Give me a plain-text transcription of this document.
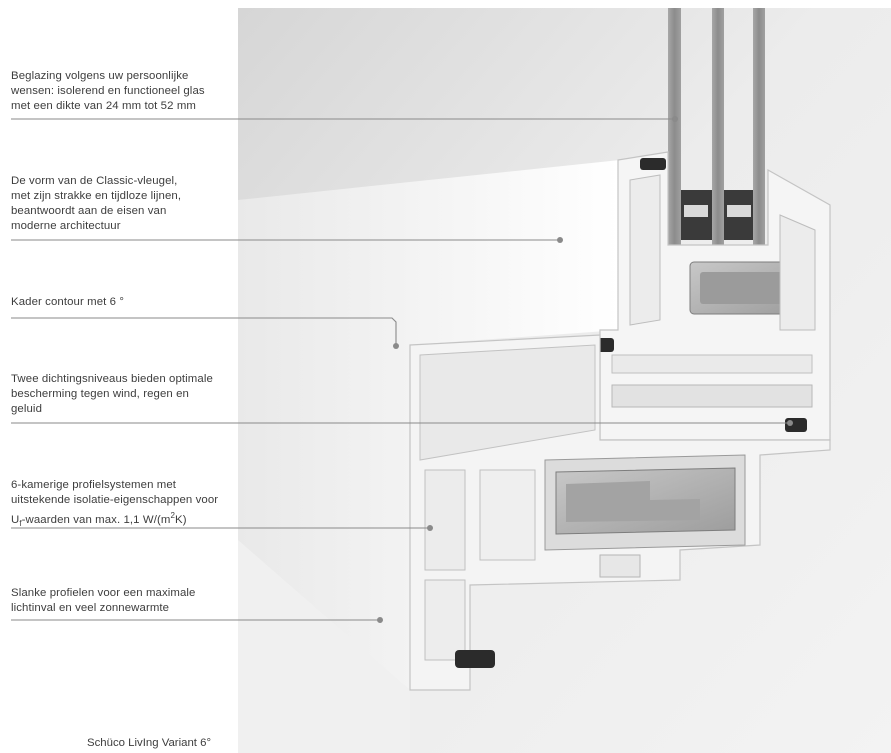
Beglazing volgens uw persoonlijke
wensen: isolerend en functioneel glas
met een dikte van 24 mm tot 52 mm
De vorm van de Classic-vleugel,
met zijn strakke en tijdloze lijnen,
beantwoordt aan de eisen van
moderne architectuur
Kader contour met 6 °
Twee dichtingsniveaus bieden optimale
bescherming tegen wind, regen en
geluid
6-kamerige profielsystemen met
uitstekende isolatie-eigenschappen voor
$U_f$-waarden van max. 1,1 $W/(m^2K)$
Slanke profielen voor een maximale
lichtinval en veel zonnewarmte
Schüco LivIng Variant 6°
